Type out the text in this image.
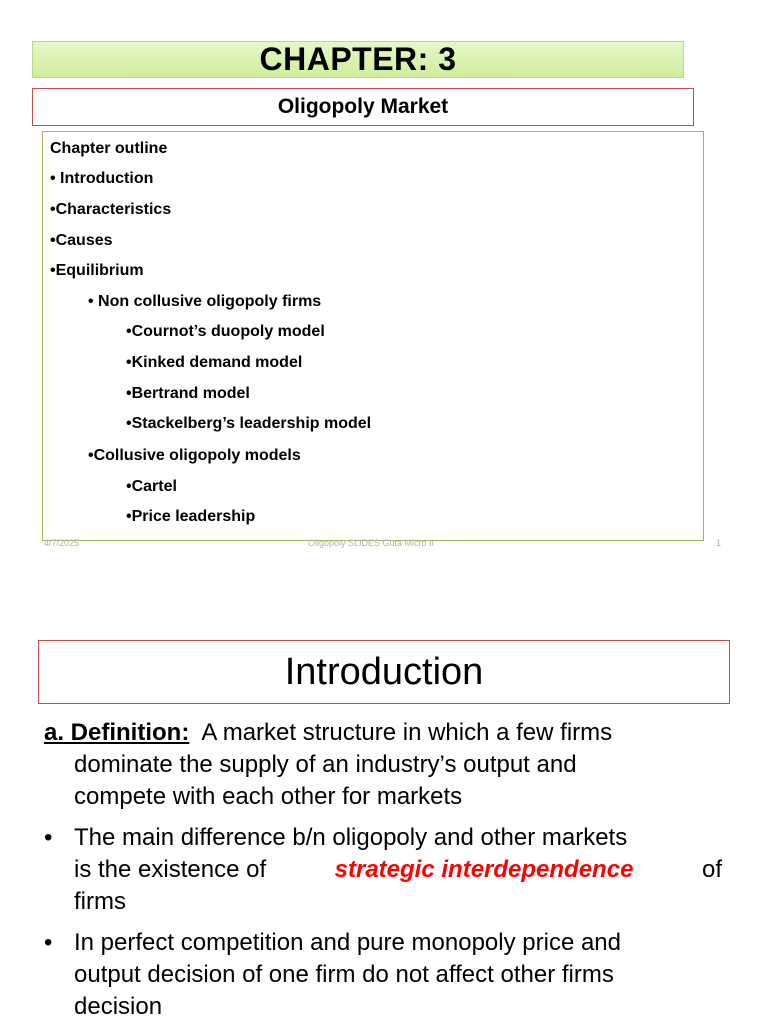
CHAPTER: 3
Oligopoly Market
Chapter outline
• Introduction
•Characteristics
•Causes
•Equilibrium
• Non collusive oligopoly firms
•Cournot’s duopoly model
•Kinked demand model
•Bertrand model
•Stackelberg’s leadership model
•Collusive oligopoly models
•Cartel
•Price leadership
4/7/2025	Oligopoly SLIDES Guta Micro II	1
Introduction
a. Definition: A market structure in which a few firms
dominate the supply of an industry’s output and
compete with each other for markets
• The main difference b/n oligopoly and other markets
is the existence of	strategic interdependence	of
firms
• In perfect competition and pure monopoly price and
output decision of one firm do not affect other firms
decision
